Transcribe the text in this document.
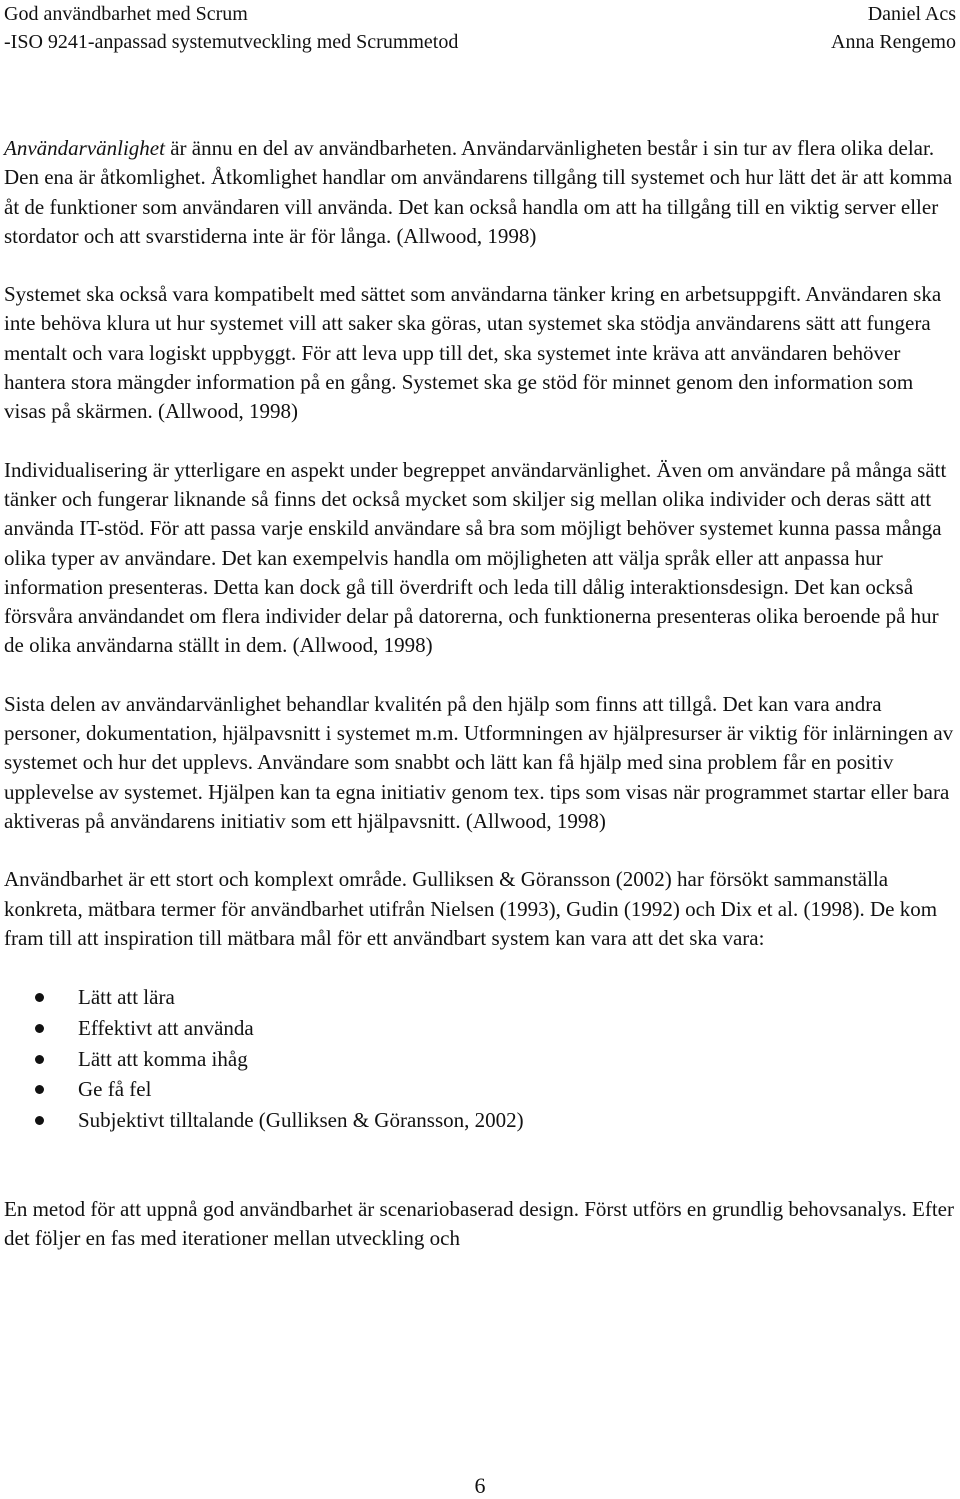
God användbarhet med Scrum	Daniel Acs
-ISO 9241-anpassad systemutveckling med Scrummetod	Anna Rengemo

Användarvänlighet är ännu en del av användbarheten. Användarvänligheten består i sin tur av flera olika delar. Den ena är åtkomlighet. Åtkomlighet handlar om användarens tillgång till systemet och hur lätt det är att komma åt de funktioner som användaren vill använda. Det kan också handla om att ha tillgång till en viktig server eller stordator och att svarstiderna inte är för långa. (Allwood, 1998)

Systemet ska också vara kompatibelt med sättet som användarna tänker kring en arbetsuppgift. Användaren ska inte behöva klura ut hur systemet vill att saker ska göras, utan systemet ska stödja användarens sätt att fungera mentalt och vara logiskt uppbyggt. För att leva upp till det, ska systemet inte kräva att användaren behöver hantera stora mängder information på en gång. Systemet ska ge stöd för minnet genom den information som visas på skärmen. (Allwood, 1998)

Individualisering är ytterligare en aspekt under begreppet användarvänlighet. Även om användare på många sätt tänker och fungerar liknande så finns det också mycket som skiljer sig mellan olika individer och deras sätt att använda IT-stöd. För att passa varje enskild användare så bra som möjligt behöver systemet kunna passa många olika typer av användare. Det kan exempelvis handla om möjligheten att välja språk eller att anpassa hur information presenteras. Detta kan dock gå till överdrift och leda till dålig interaktionsdesign. Det kan också försvåra användandet om flera individer delar på datorerna, och funktionerna presenteras olika beroende på hur de olika användarna ställt in dem. (Allwood, 1998)

Sista delen av användarvänlighet behandlar kvalitén på den hjälp som finns att tillgå. Det kan vara andra personer, dokumentation, hjälpavsnitt i systemet m.m. Utformningen av hjälpresurser är viktig för inlärningen av systemet och hur det upplevs. Användare som snabbt och lätt kan få hjälp med sina problem får en positiv upplevelse av systemet. Hjälpen kan ta egna initiativ genom tex. tips som visas när programmet startar eller bara aktiveras på användarens initiativ som ett hjälpavsnitt. (Allwood, 1998)

Användbarhet är ett stort och komplext område. Gulliksen & Göransson (2002) har försökt sammanställa konkreta, mätbara termer för användbarhet utifrån Nielsen (1993), Gudin (1992) och Dix et al. (1998). De kom fram till att inspiration till mätbara mål för ett användbart system kan vara att det ska vara:

Lätt att lära
Effektivt att använda
Lätt att komma ihåg
Ge få fel
Subjektivt tilltalande (Gulliksen & Göransson, 2002)

En metod för att uppnå god användbarhet är scenariobaserad design. Först utförs en grundlig behovsanalys. Efter det följer en fas med iterationer mellan utveckling och

6
